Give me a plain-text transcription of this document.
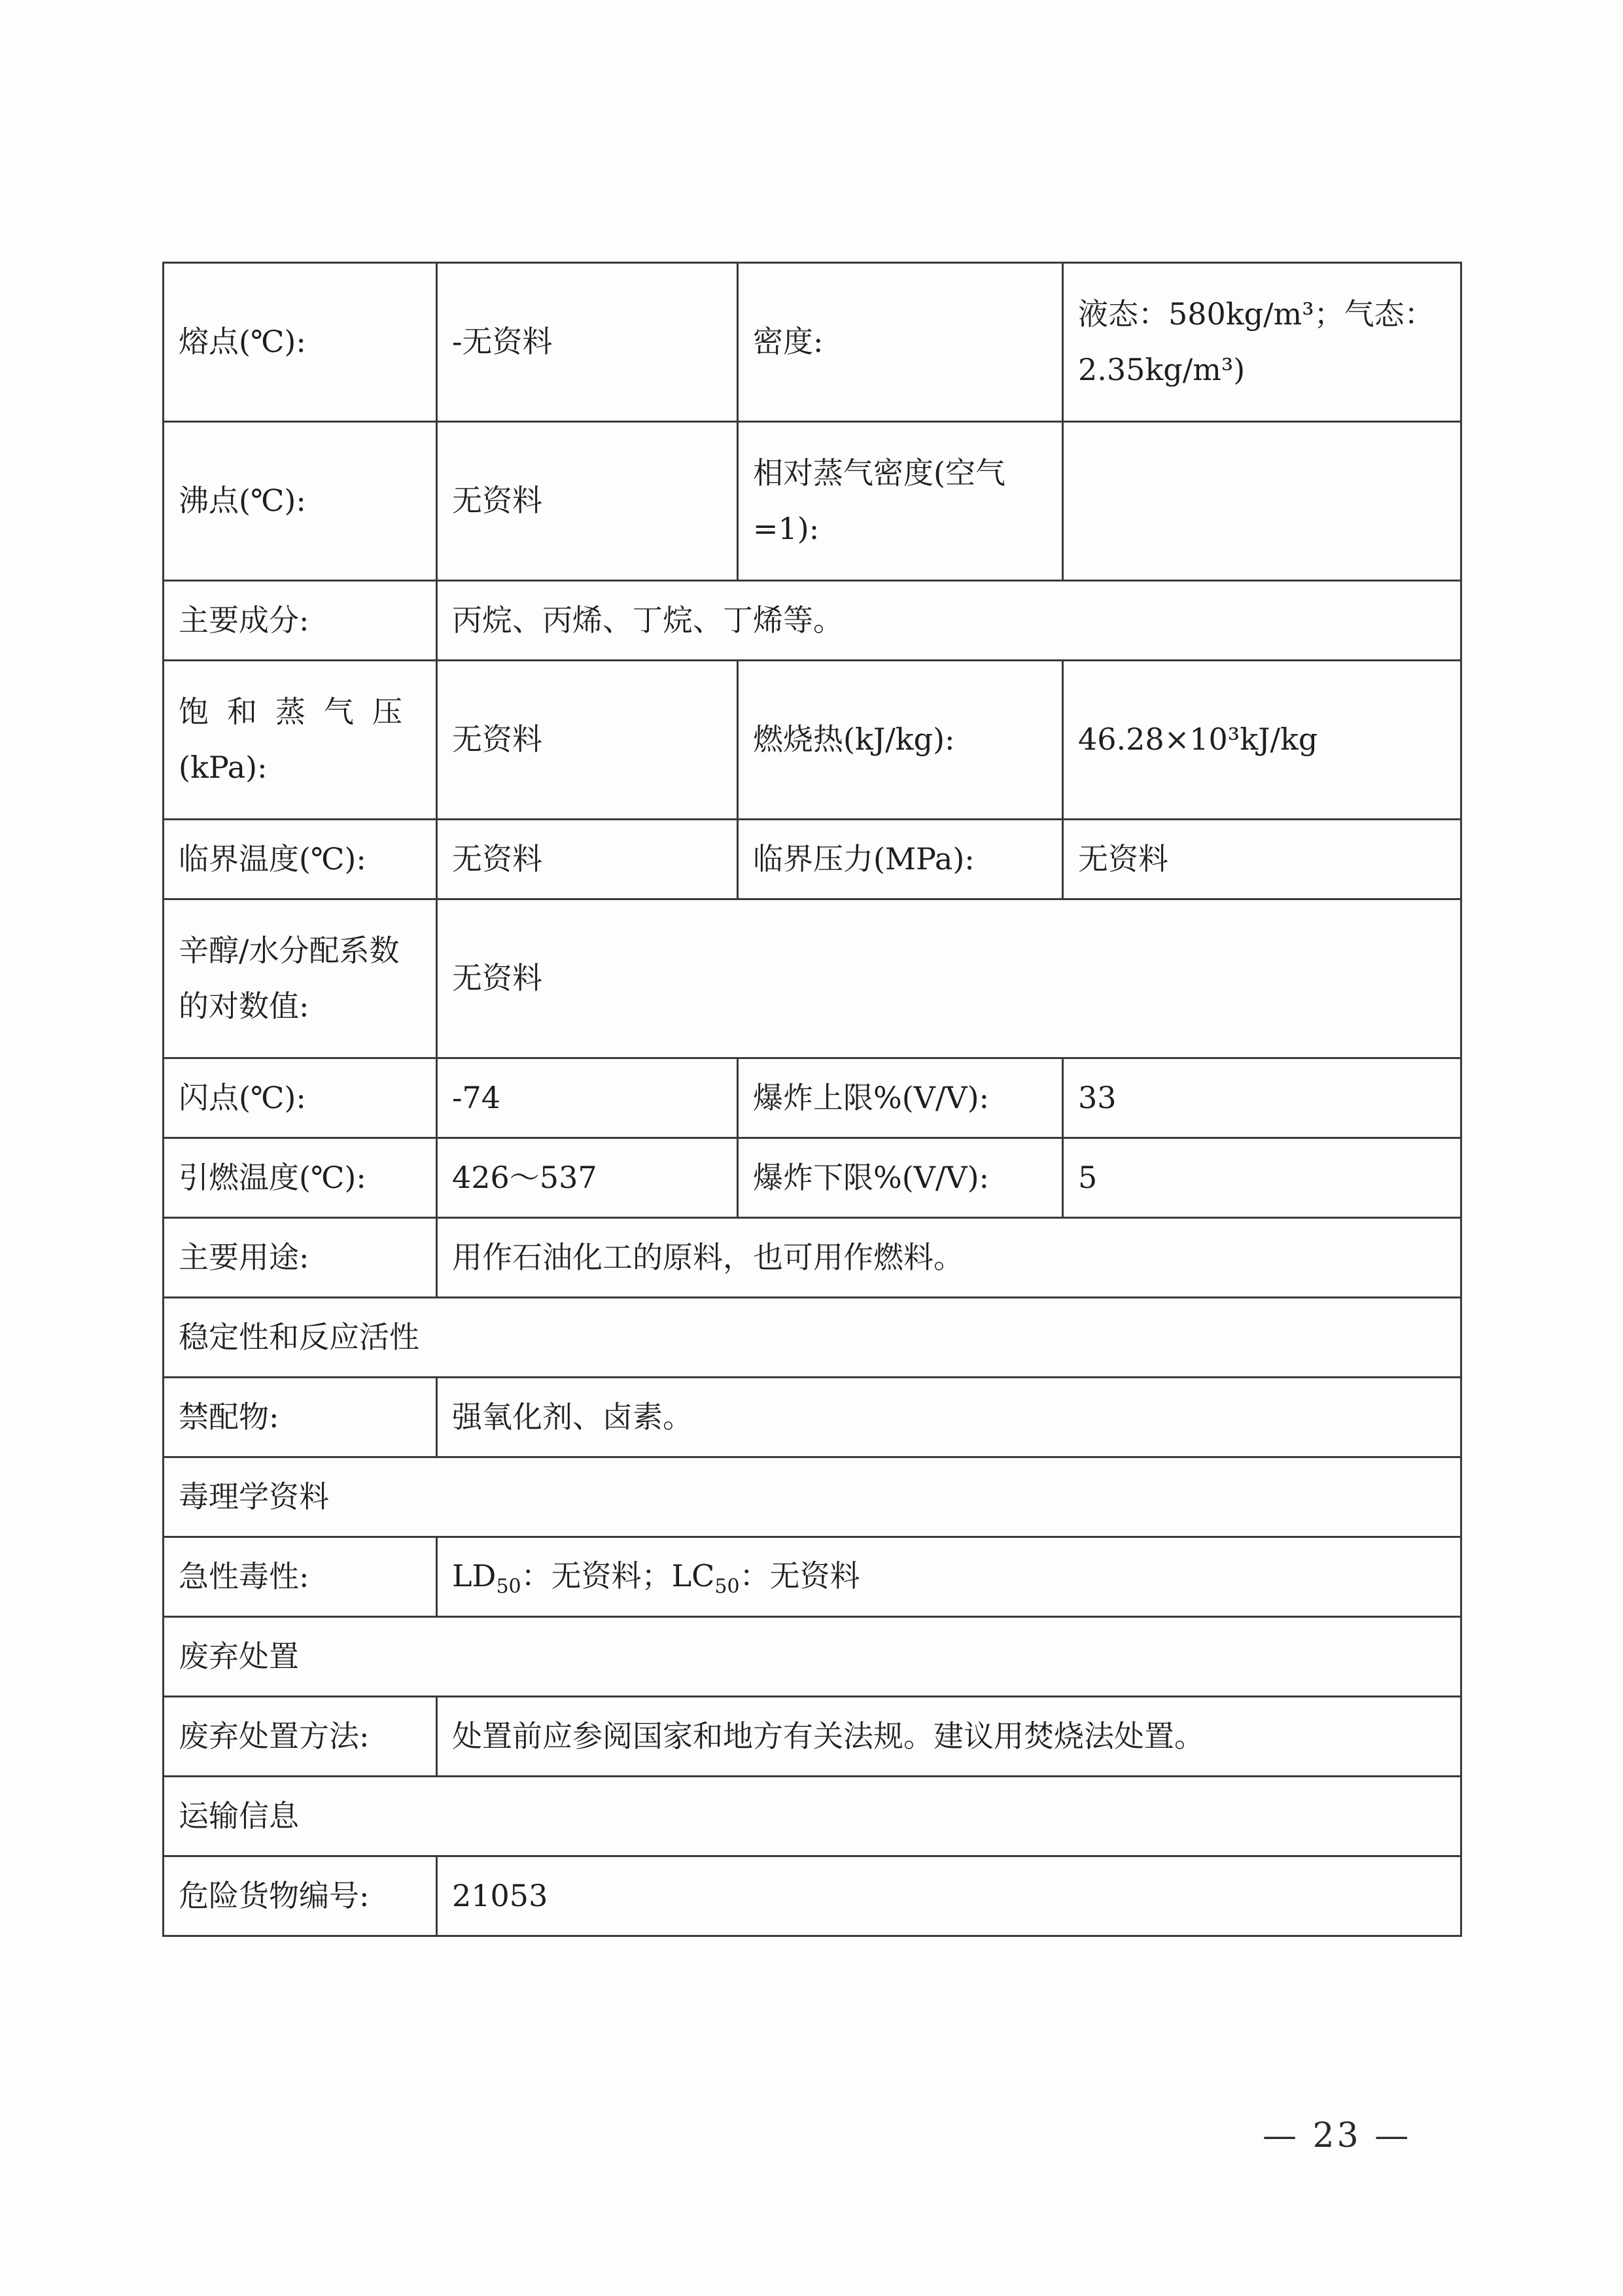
熔点(℃):	-无资料	密度:	液态：580kg/m³；气态：
2.35kg/m³)

沸点(℃):	无资料	相对蒸气密度(空气
=1):	

主要成分:	丙烷、丙烯、丁烷、丁烯等。		

饱和蒸气压
(kPa):	无资料	燃烧热(kJ/kg):	46.28×10³kJ/kg
临界温度(℃):	无资料	临界压力(MPa):	无资料

辛醇/水分配系数
的对数值:	无资料		
闪点(℃):	-74	爆炸上限%(V/V):	33
引燃温度(℃):	426～537	爆炸下限%(V/V):	5
主要用途:	用作石油化工的原料，也可用作燃料。		
稳定性和反应活性			
禁配物:	强氧化剂、卤素。		
毒理学资料			
急性毒性:	$LD_{50}$：无资料；$LC_{50}$：无资料		
废弃处置			
废弃处置方法:	处置前应参阅国家和地方有关法规。建议用焚烧法处置。		
运输信息			
危险货物编号:	21053		
— 23 —
